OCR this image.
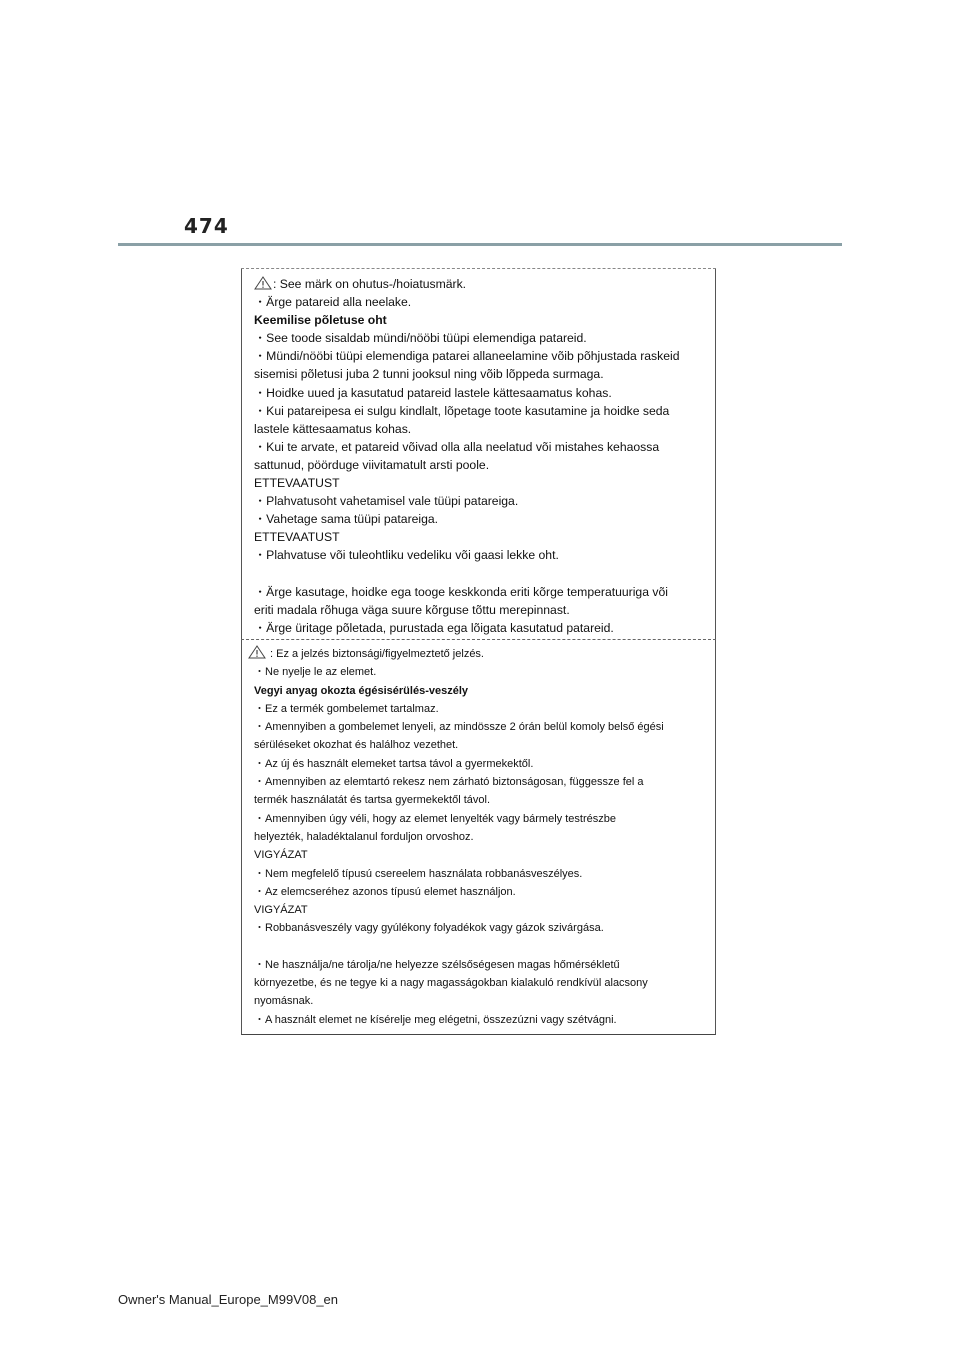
474
: See märk on ohutus-/hoiatusmärk.
・Ärge patareid alla neelake.
Keemilise põletuse oht
・See toode sisaldab mündi/nööbi tüüpi elemendiga patareid.
・Mündi/nööbi tüüpi elemendiga patarei allaneelamine võib põhjustada raskeid
sisemisi põletusi juba 2 tunni jooksul ning võib lõppeda surmaga.
・Hoidke uued ja kasutatud patareid lastele kättesaamatus kohas.
・Kui patareipesa ei sulgu kindlalt, lõpetage toote kasutamine ja hoidke seda
lastele kättesaamatus kohas.
・Kui te arvate, et patareid võivad olla alla neelatud või mistahes kehaossa
sattunud, pöörduge viivitamatult arsti poole.
ETTEVAATUST
・Plahvatusoht vahetamisel vale tüüpi patareiga.
・Vahetage sama tüüpi patareiga.
ETTEVAATUST
・Plahvatuse või tuleohtliku vedeliku või gaasi lekke oht.
・Ärge kasutage, hoidke ega tooge keskkonda eriti kõrge temperatuuriga või
eriti madala rõhuga väga suure kõrguse tõttu merepinnast.
・Ärge üritage põletada, purustada ega lõigata kasutatud patareid.
: Ez a jelzés biztonsági/figyelmeztető jelzés.
・Ne nyelje le az elemet.
Vegyi anyag okozta égésisérülés-veszély
・Ez a termék gombelemet tartalmaz.
・Amennyiben a gombelemet lenyeli, az mindössze 2 órán belül komoly belső égési
sérüléseket okozhat és halálhoz vezethet.
・Az új és használt elemeket tartsa távol a gyermekektől.
・Amennyiben az elemtartó rekesz nem zárható biztonságosan, függessze fel a
termék használatát és tartsa gyermekektől távol.
・Amennyiben úgy véli, hogy az elemet lenyelték vagy bármely testrészbe
helyezték, haladéktalanul forduljon orvoshoz.
VIGYÁZAT
・Nem megfelelő típusú csereelem használata robbanásveszélyes.
・Az elemcseréhez azonos típusú elemet használjon.
VIGYÁZAT
・Robbanásveszély vagy gyúlékony folyadékok vagy gázok szivárgása.
・Ne használja/ne tárolja/ne helyezze szélsőségesen magas hőmérsékletű
környezetbe, és ne tegye ki a nagy magasságokban kialakuló rendkívül alacsony
nyomásnak.
・A használt elemet ne kísérelje meg elégetni, összezúzni vagy szétvágni.
Owner's Manual_Europe_M99V08_en
